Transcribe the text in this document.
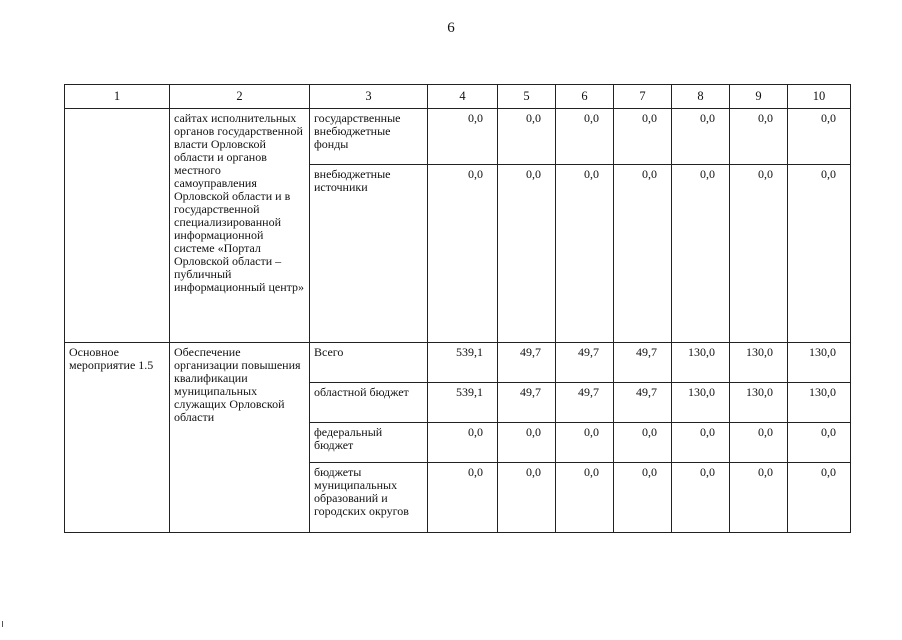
6
1	2	3	4	5	6	7	8	9	10
	сайтах исполнительных органов государственной власти Орловской области и органов местного самоуправления Орловской области и в государственной специализированной информационной системе «Портал Орловской области – публичный информационный центр»	государственные внебюджетные фонды	0,0	0,0	0,0	0,0	0,0	0,0	0,0
		внебюджетные источники	0,0	0,0	0,0	0,0	0,0	0,0	0,0
Основное мероприятие 1.5	Обеспечение организации повышения квалификации муниципальных служащих Орловской области	Всего	539,1	49,7	49,7	49,7	130,0	130,0	130,0
		областной бюджет	539,1	49,7	49,7	49,7	130,0	130,0	130,0
		федеральный бюджет	0,0	0,0	0,0	0,0	0,0	0,0	0,0
		бюджеты муниципальных образований и городских округов	0,0	0,0	0,0	0,0	0,0	0,0	0,0
